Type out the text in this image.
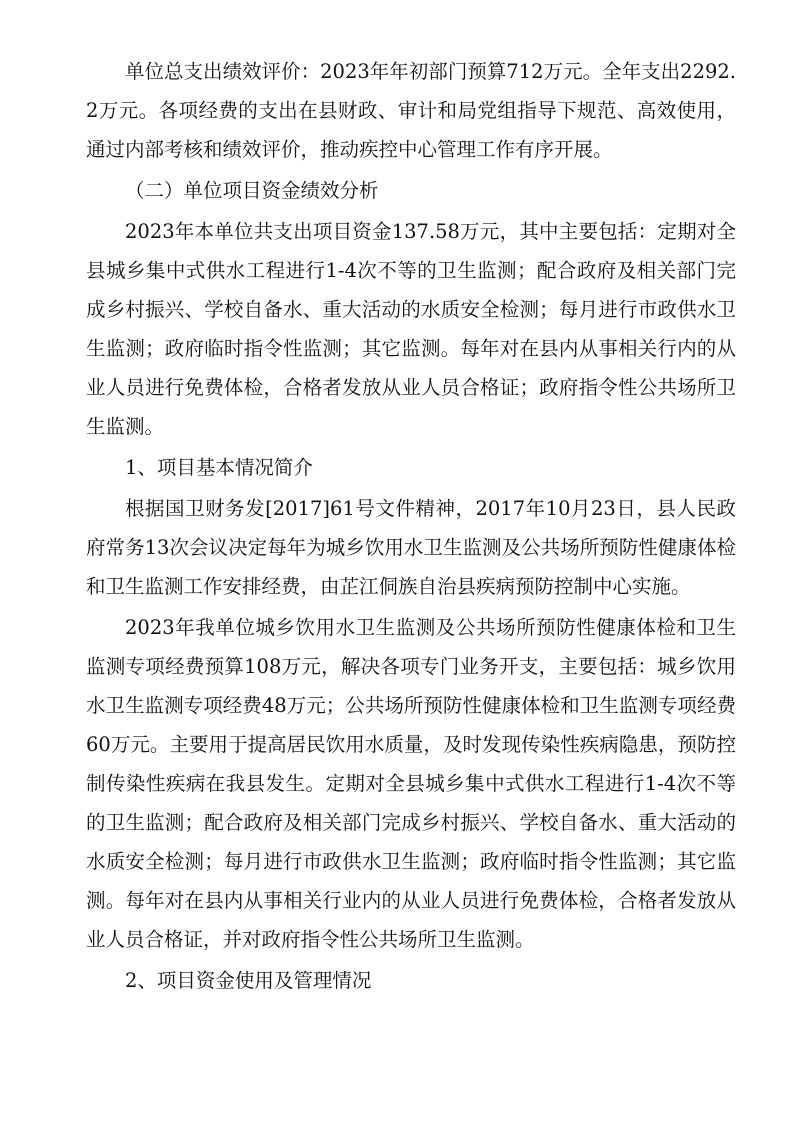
单位总支出绩效评价：2023年年初部门预算712万元。全年支出2292.2万元。各项经费的支出在县财政、审计和局党组指导下规范、高效使用，通过内部考核和绩效评价，推动疾控中心管理工作有序开展。

（二）单位项目资金绩效分析

2023年本单位共支出项目资金137.58万元，其中主要包括：定期对全县城乡集中式供水工程进行1-4次不等的卫生监测；配合政府及相关部门完成乡村振兴、学校自备水、重大活动的水质安全检测；每月进行市政供水卫生监测；政府临时指令性监测；其它监测。每年对在县内从事相关行内的从业人员进行免费体检，合格者发放从业人员合格证；政府指令性公共场所卫生监测。

1、项目基本情况简介

根据国卫财务发[2017]61号文件精神，2017年10月23日，县人民政府常务13次会议决定每年为城乡饮用水卫生监测及公共场所预防性健康体检和卫生监测工作安排经费，由芷江侗族自治县疾病预防控制中心实施。

2023年我单位城乡饮用水卫生监测及公共场所预防性健康体检和卫生监测专项经费预算108万元，解决各项专门业务开支，主要包括：城乡饮用水卫生监测专项经费48万元；公共场所预防性健康体检和卫生监测专项经费60万元。主要用于提高居民饮用水质量，及时发现传染性疾病隐患，预防控制传染性疾病在我县发生。定期对全县城乡集中式供水工程进行1-4次不等的卫生监测；配合政府及相关部门完成乡村振兴、学校自备水、重大活动的水质安全检测；每月进行市政供水卫生监测；政府临时指令性监测；其它监测。每年对在县内从事相关行业内的从业人员进行免费体检，合格者发放从业人员合格证，并对政府指令性公共场所卫生监测。

2、项目资金使用及管理情况
